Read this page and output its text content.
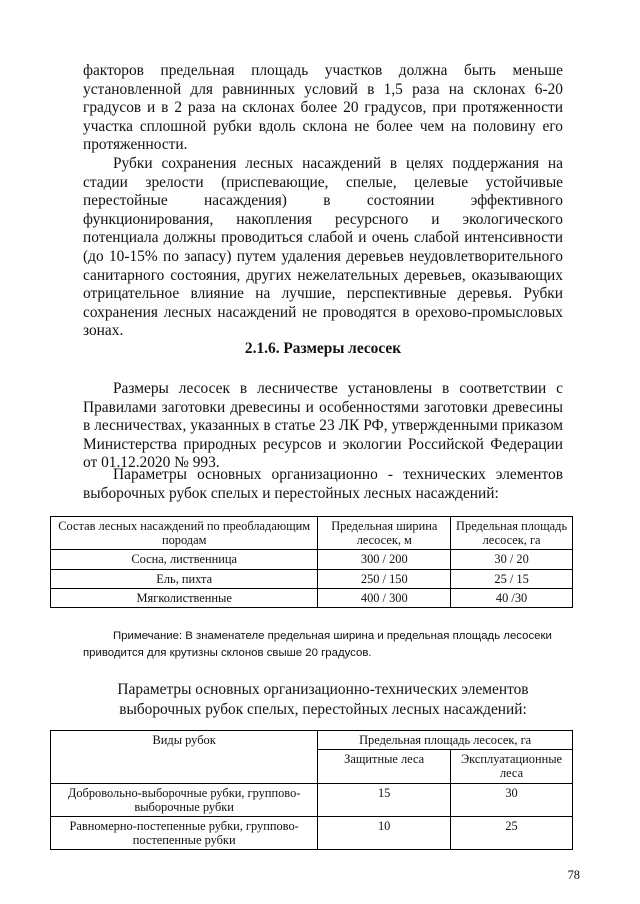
факторов предельная площадь участков должна быть меньше установленной для равнинных условий в 1,5 раза на склонах 6-20 градусов и в 2 раза на склонах более 20 градусов, при протяженности участка сплошной рубки вдоль склона не более чем на половину его протяженности.

Рубки сохранения лесных насаждений в целях поддержания на стадии зрелости (приспевающие, спелые, целевые устойчивые перестойные насаждения) в состоянии эффективного функционирования, накопления ресурсного и экологического потенциала должны проводиться слабой и очень слабой интенсивности (до 10-15% по запасу) путем удаления деревьев неудовлетворительного санитарного состояния, других нежелательных деревьев, оказывающих отрицательное влияние на лучшие, перспективные деревья. Рубки сохранения лесных насаждений не проводятся в орехово-промысловых зонах.

2.1.6. Размеры лесосек

Размеры лесосек в лесничестве установлены в соответствии с Правилами заготовки древесины и особенностями заготовки древесины в лесничествах, указанных в статье 23 ЛК РФ, утвержденными приказом Министерства природных ресурсов и экологии Российской Федерации от 01.12.2020 № 993.

Параметры основных организационно - технических элементов выборочных рубок спелых и перестойных лесных насаждений:

Состав лесных насаждений по преобладающим породам	Предельная ширина лесосек, м	Предельная площадь лесосек, га
Сосна, лиственница	300 / 200	30 / 20
Ель, пихта	250 / 150	25 / 15
Мягколиственные	400 / 300	40 /30

Примечание: В знаменателе предельная ширина и предельная площадь лесосеки приводится для крутизны склонов свыше 20 градусов.

Параметры основных организационно-технических элементов выборочных рубок спелых, перестойных лесных насаждений:

Виды рубок	Предельная площадь лесосек, га	
	Защитные леса	Эксплуатационные леса
Добровольно-выборочные рубки, группово-выборочные рубки	15	30
Равномерно-постепенные рубки, группово-постепенные рубки	10	25
78
